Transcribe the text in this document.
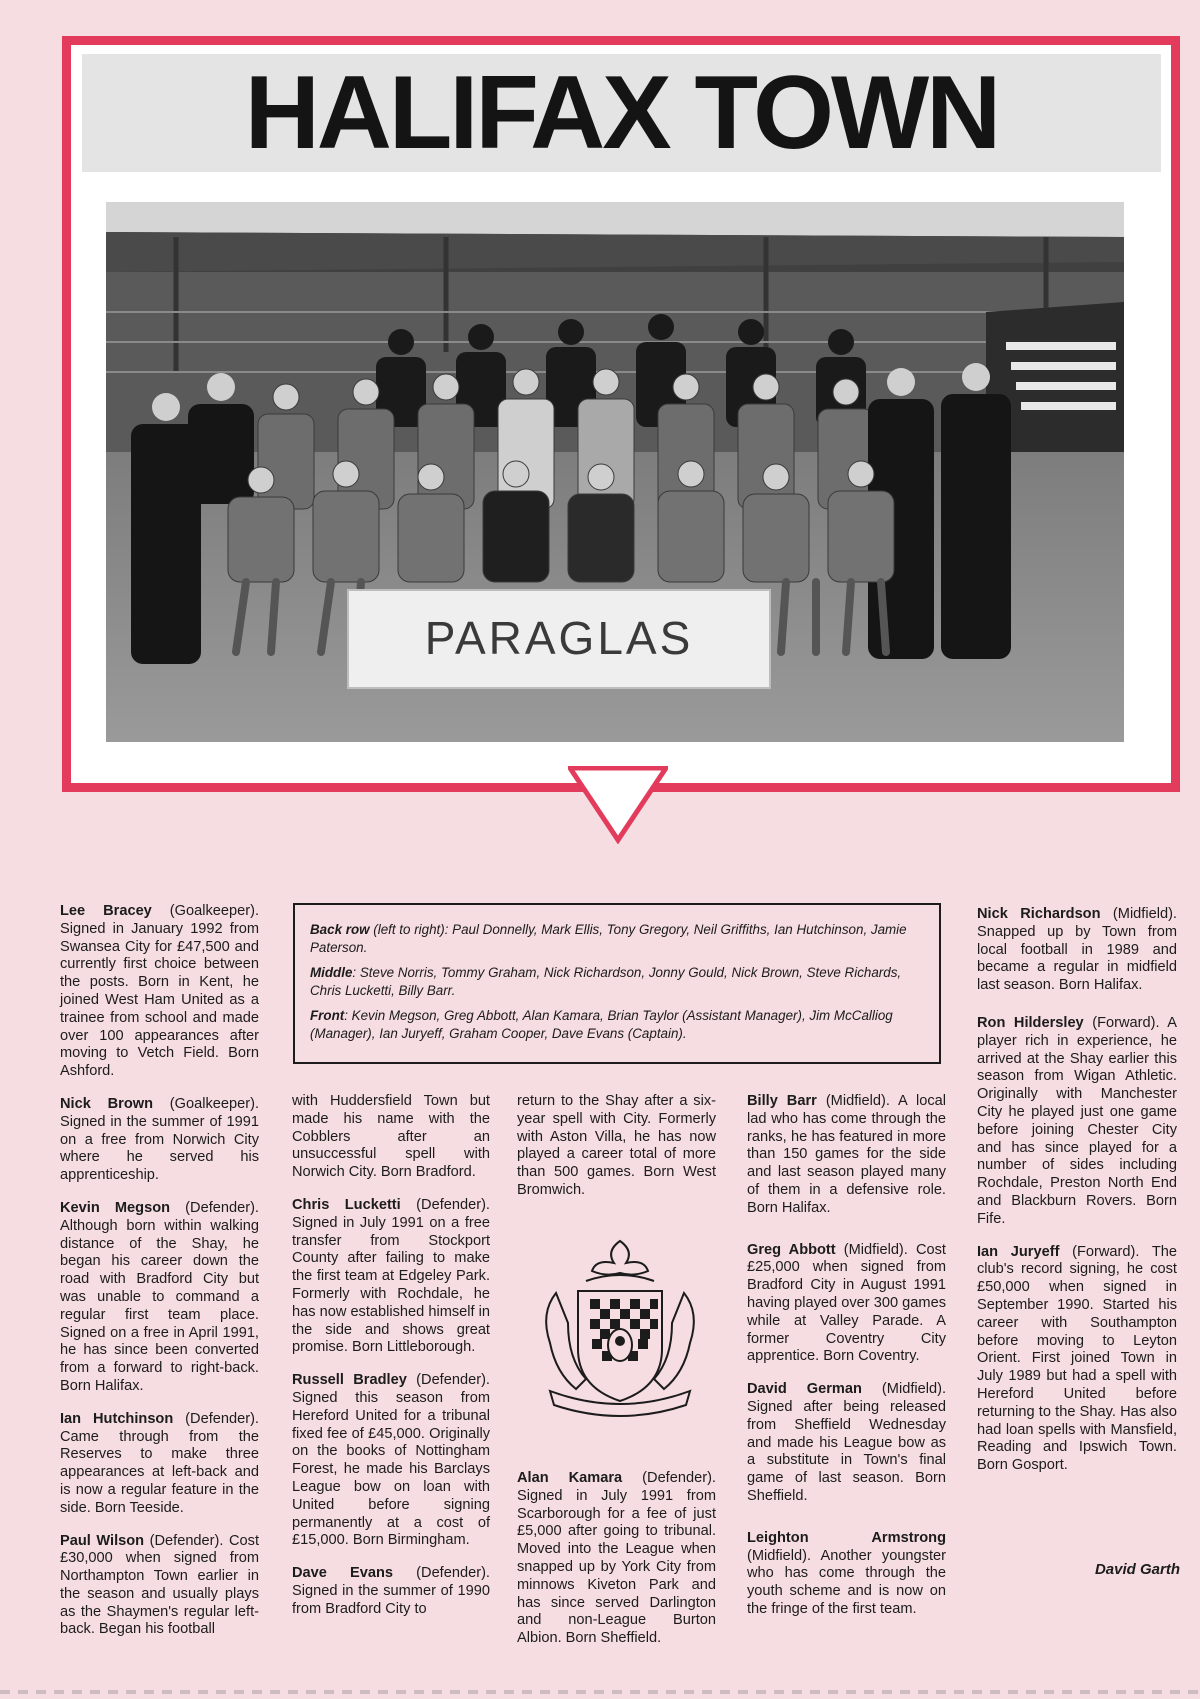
HALIFAX TOWN
PARAGLAS

Back row (left to right): Paul Donnelly, Mark Ellis, Tony Gregory, Neil Griffiths, Ian Hutchinson, Jamie Paterson.

Middle: Steve Norris, Tommy Graham, Nick Richardson, Jonny Gould, Nick Brown, Steve Richards, Chris Lucketti, Billy Barr.

Front: Kevin Megson, Greg Abbott, Alan Kamara, Brian Taylor (Assistant Manager), Jim McCalliog (Manager), Ian Juryeff, Graham Cooper, Dave Evans (Captain).

Lee Bracey (Goalkeeper). Signed in January 1992 from Swansea City for £47,500 and currently first choice between the posts. Born in Kent, he joined West Ham United as a trainee from school and made over 100 appearances after moving to Vetch Field. Born Ashford.

Nick Brown (Goalkeeper). Signed in the summer of 1991 on a free from Norwich City where he served his apprenticeship.

Kevin Megson (Defender). Although born within walking distance of the Shay, he began his career down the road with Bradford City but was unable to command a regular first team place. Signed on a free in April 1991, he has since been converted from a forward to right-back. Born Halifax.

Ian Hutchinson (Defender). Came through from the Reserves to make three appearances at left-back and is now a regular feature in the side. Born Teeside.

Paul Wilson (Defender). Cost £30,000 when signed from Northampton Town earlier in the season and usually plays as the Shaymen's regular left-back. Began his football

with Huddersfield Town but made his name with the Cobblers after an unsuccessful spell with Norwich City. Born Bradford.

Chris Lucketti (Defender). Signed in July 1991 on a free transfer from Stockport County after failing to make the first team at Edgeley Park. Formerly with Rochdale, he has now established himself in the side and shows great promise. Born Littleborough.

Russell Bradley (Defender). Signed this season from Hereford United for a tribunal fixed fee of £45,000. Originally on the books of Nottingham Forest, he made his Barclays League bow on loan with United before signing permanently at a cost of £15,000. Born Birmingham.

Dave Evans (Defender). Signed in the summer of 1990 from Bradford City to

return to the Shay after a six-year spell with City. Formerly with Aston Villa, he has now played a career total of more than 500 games. Born West Bromwich.

Alan Kamara (Defender). Signed in July 1991 from Scarborough for a fee of just £5,000 after going to tribunal. Moved into the League when snapped up by York City from minnows Kiveton Park and has since served Darlington and non-League Burton Albion. Born Sheffield.

Billy Barr (Midfield). A local lad who has come through the ranks, he has featured in more than 150 games for the side and last season played many of them in a defensive role. Born Halifax.

Greg Abbott (Midfield). Cost £25,000 when signed from Bradford City in August 1991 having played over 300 games while at Valley Parade. A former Coventry City apprentice. Born Coventry.

David German (Midfield). Signed after being released from Sheffield Wednesday and made his League bow as a substitute in Town's final game of last season. Born Sheffield.

Leighton Armstrong (Midfield). Another youngster who has come through the youth scheme and is now on the fringe of the first team.

Nick Richardson (Midfield). Snapped up by Town from local football in 1989 and became a regular in midfield last season. Born Halifax.

Ron Hildersley (Forward). A player rich in experience, he arrived at the Shay earlier this season from Wigan Athletic. Originally with Manchester City he played just one game before joining Chester City and has since played for a number of sides including Rochdale, Preston North End and Blackburn Rovers. Born Fife.

Ian Juryeff (Forward). The club's record signing, he cost £50,000 when signed in September 1990. Started his career with Southampton before moving to Leyton Orient. First joined Town in July 1989 but had a spell with Hereford United before returning to the Shay. Has also had loan spells with Mansfield, Reading and Ipswich Town. Born Gosport.

David Garth
